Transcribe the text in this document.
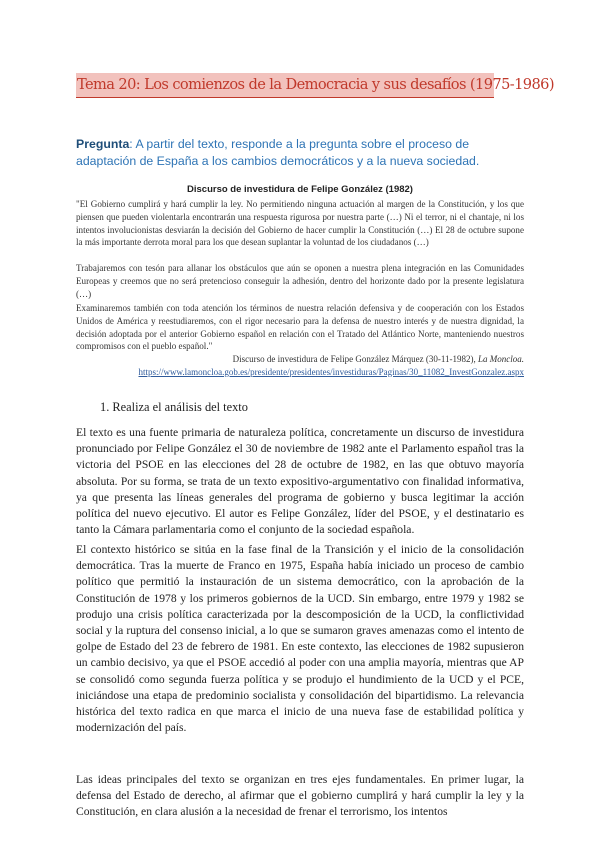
Tema 20: Los comienzos de la Democracia y sus desafíos (1975-1986)
Pregunta: A partir del texto, responde a la pregunta sobre el proceso de adaptación de España a los cambios democráticos y a la nueva sociedad.
Discurso de investidura de Felipe González (1982)
"El Gobierno cumplirá y hará cumplir la ley. No permitiendo ninguna actuación al margen de la Constitución, y los que piensen que pueden violentarla encontrarán una respuesta rigurosa por nuestra parte (…) Ni el terror, ni el chantaje, ni los intentos involucionistas desviarán la decisión del Gobierno de hacer cumplir la Constitución (…) El 28 de octubre supone la más importante derrota moral para los que desean suplantar la voluntad de los ciudadanos (…)
Trabajaremos con tesón para allanar los obstáculos que aún se oponen a nuestra plena integración en las Comunidades Europeas y creemos que no será pretencioso conseguir la adhesión, dentro del horizonte dado por la presente legislatura (…)
Examinaremos también con toda atención los términos de nuestra relación defensiva y de cooperación con los Estados Unidos de América y reestudiaremos, con el rigor necesario para la defensa de nuestro interés y de nuestra dignidad, la decisión adoptada por el anterior Gobierno español en relación con el Tratado del Atlántico Norte, manteniendo nuestros compromisos con el pueblo español."
Discurso de investidura de Felipe González Márquez (30-11-1982), La Moncloa.
https://www.lamoncloa.gob.es/presidente/presidentes/investiduras/Paginas/30_11082_InvestGonzalez.aspx
1. Realiza el análisis del texto
El texto es una fuente primaria de naturaleza política, concretamente un discurso de investidura pronunciado por Felipe González el 30 de noviembre de 1982 ante el Parlamento español tras la victoria del PSOE en las elecciones del 28 de octubre de 1982, en las que obtuvo mayoría absoluta. Por su forma, se trata de un texto expositivo-argumentativo con finalidad informativa, ya que presenta las líneas generales del programa de gobierno y busca legitimar la acción política del nuevo ejecutivo. El autor es Felipe González, líder del PSOE, y el destinatario es tanto la Cámara parlamentaria como el conjunto de la sociedad española.
El contexto histórico se sitúa en la fase final de la Transición y el inicio de la consolidación democrática. Tras la muerte de Franco en 1975, España había iniciado un proceso de cambio político que permitió la instauración de un sistema democrático, con la aprobación de la Constitución de 1978 y los primeros gobiernos de la UCD. Sin embargo, entre 1979 y 1982 se produjo una crisis política caracterizada por la descomposición de la UCD, la conflictividad social y la ruptura del consenso inicial, a lo que se sumaron graves amenazas como el intento de golpe de Estado del 23 de febrero de 1981. En este contexto, las elecciones de 1982 supusieron un cambio decisivo, ya que el PSOE accedió al poder con una amplia mayoría, mientras que AP se consolidó como segunda fuerza política y se produjo el hundimiento de la UCD y el PCE, iniciándose una etapa de predominio socialista y consolidación del bipartidismo. La relevancia histórica del texto radica en que marca el inicio de una nueva fase de estabilidad política y modernización del país.
Las ideas principales del texto se organizan en tres ejes fundamentales. En primer lugar, la defensa del Estado de derecho, al afirmar que el gobierno cumplirá y hará cumplir la ley y la Constitución, en clara alusión a la necesidad de frenar el terrorismo, los intentos
